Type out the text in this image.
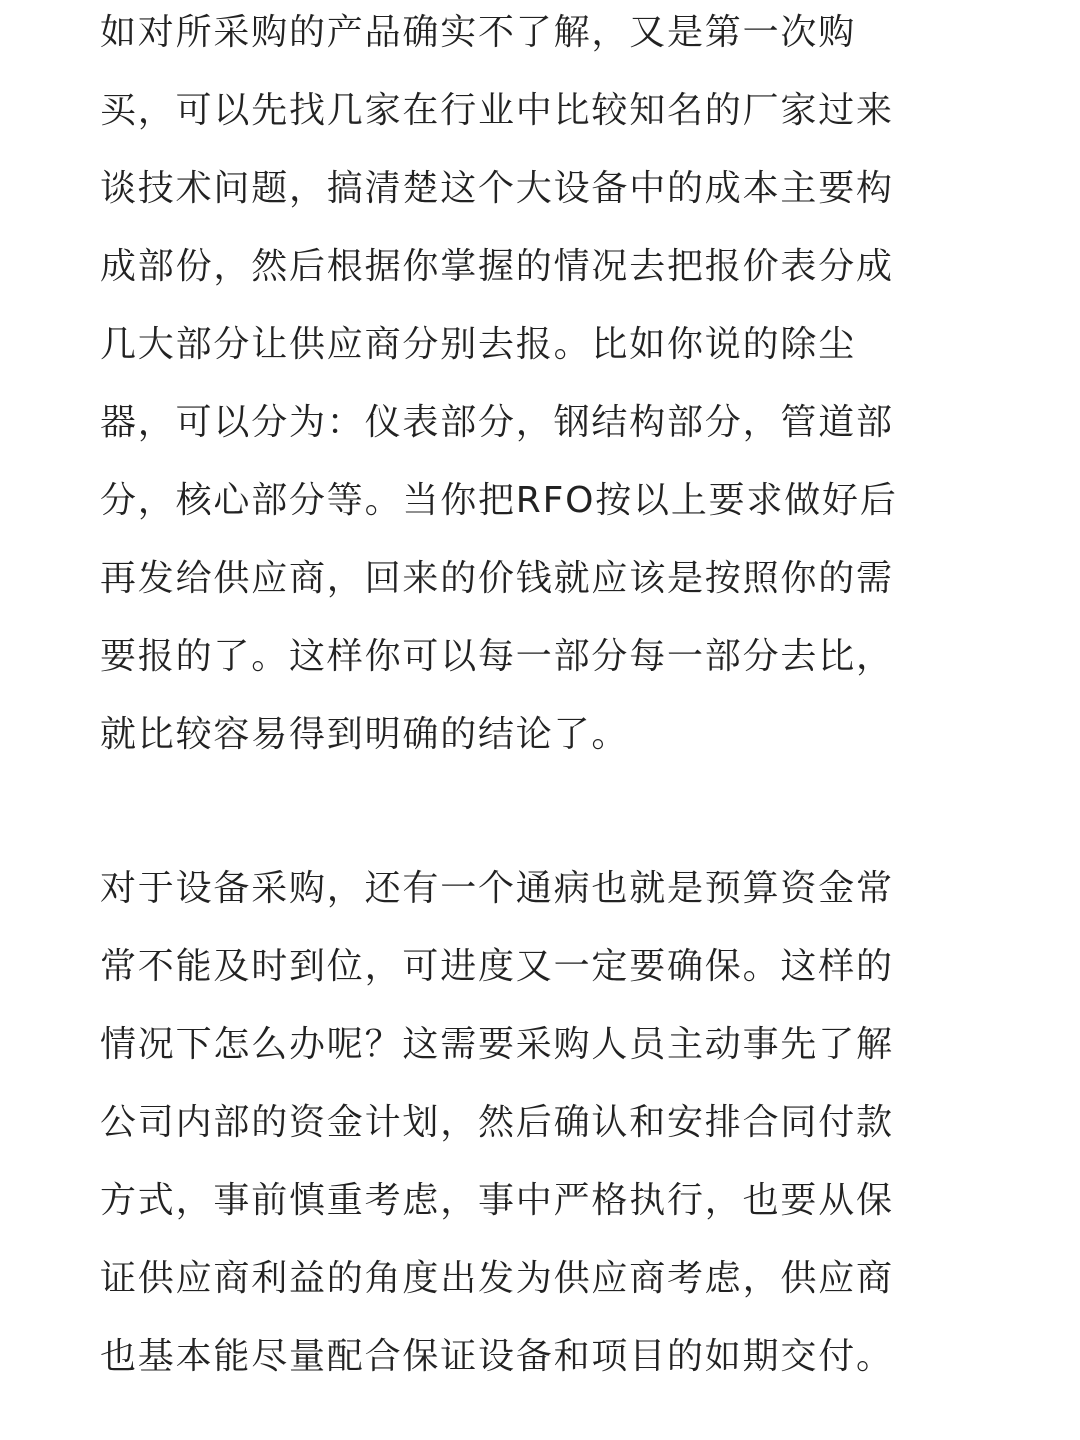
如对所采购的产品确实不了解，又是第一次购
买，可以先找几家在行业中比较知名的厂家过来
谈技术问题，搞清楚这个大设备中的成本主要构
成部份，然后根据你掌握的情况去把报价表分成
几大部分让供应商分别去报。比如你说的除尘
器，可以分为：仪表部分，钢结构部分，管道部
分，核心部分等。当你把RFO按以上要求做好后
再发给供应商，回来的价钱就应该是按照你的需
要报的了。这样你可以每一部分每一部分去比，
就比较容易得到明确的结论了。
对于设备采购，还有一个通病也就是预算资金常
常不能及时到位，可进度又一定要确保。这样的
情况下怎么办呢？这需要采购人员主动事先了解
公司内部的资金计划，然后确认和安排合同付款
方式，事前慎重考虑，事中严格执行，也要从保
证供应商利益的角度出发为供应商考虑，供应商
也基本能尽量配合保证设备和项目的如期交付。
